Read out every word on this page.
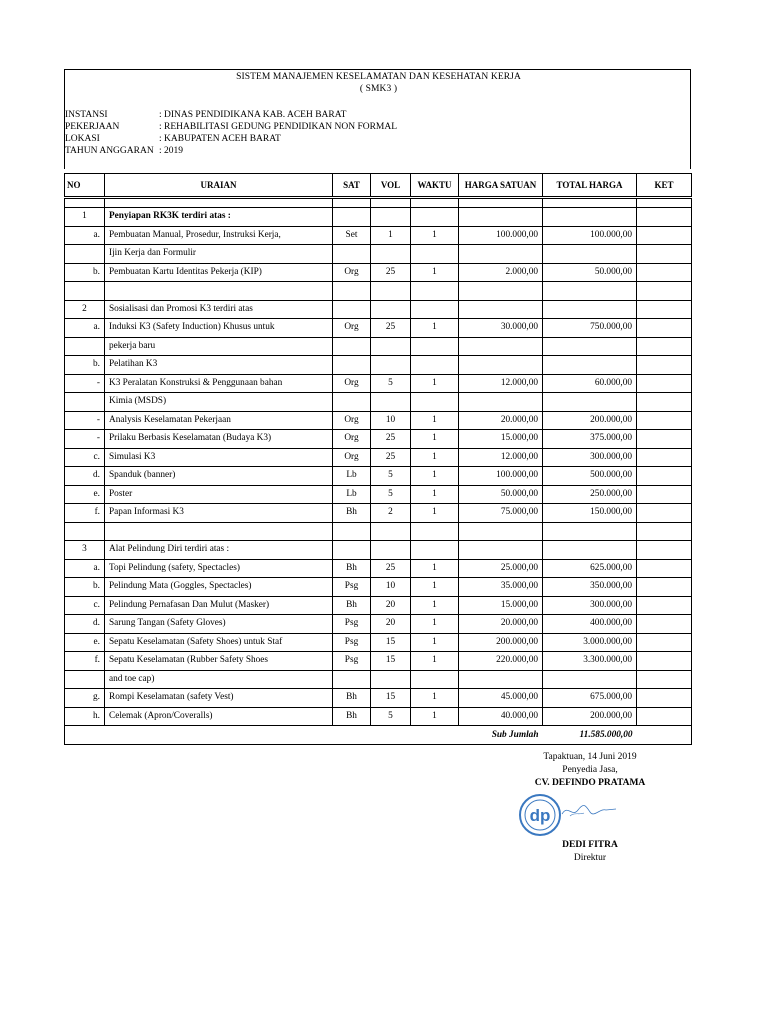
SISTEM MANAJEMEN KESELAMATAN DAN KESEHATAN KERJA
( SMK3 )
INSTANSI	: DINAS PENDIDIKANA KAB. ACEH BARAT
PEKERJAAN	: REHABILITASI GEDUNG PENDIDIKAN NON FORMAL
LOKASI	: KABUPATEN ACEH BARAT
TAHUN ANGGARAN : 2019
NO	URAIAN	SAT	VOL	WAKTU	HARGA SATUAN	TOTAL HARGA	KET

1	Penyiapan RK3K terdiri atas :						
a.	Pembuatan Manual, Prosedur, Instruksi Kerja,	Set	1	1	100.000,00	100.000,00	
	Ijin Kerja dan Formulir						
b.	Pembuatan Kartu Identitas Pekerja (KIP)	Org	25	1	2.000,00	50.000,00	

2	Sosialisasi dan Promosi K3 terdiri atas						
a.	Induksi K3 (Safety Induction) Khusus untuk	Org	25	1	30.000,00	750.000,00	
	pekerja baru						
b.	Pelatihan K3						
-	K3 Peralatan Konstruksi & Penggunaan bahan	Org	5	1	12.000,00	60.000,00	
	Kimia (MSDS)						
-	Analysis Keselamatan Pekerjaan	Org	10	1	20.000,00	200.000,00	
-	Prilaku Berbasis Keselamatan (Budaya K3)	Org	25	1	15.000,00	375.000,00	
c.	Simulasi K3	Org	25	1	12.000,00	300.000,00	
d.	Spanduk (banner)	Lb	5	1	100.000,00	500.000,00	
e.	Poster	Lb	5	1	50.000,00	250.000,00	
f.	Papan Informasi K3	Bh	2	1	75.000,00	150.000,00	

3	Alat Pelindung Diri terdiri atas :						
a.	Topi Pelindung (safety, Spectacles)	Bh	25	1	25.000,00	625.000,00	
b.	Pelindung Mata (Goggles, Spectacles)	Psg	10	1	35.000,00	350.000,00	
c.	Pelindung Pernafasan Dan Mulut (Masker)	Bh	20	1	15.000,00	300.000,00	
d.	Sarung Tangan (Safety Gloves)	Psg	20	1	20.000,00	400.000,00	
e.	Sepatu Keselamatan (Safety Shoes) untuk Staf	Psg	15	1	200.000,00	3.000.000,00	
f.	Sepatu Keselamatan (Rubber Safety Shoes	Psg	15	1	220.000,00	3.300.000,00	
	and toe cap)						
g.	Rompi Keselamatan (safety Vest)	Bh	15	1	45.000,00	675.000,00	
h.	Celemak (Apron/Coveralls)	Bh	5	1	40.000,00	200.000,00	
					Sub Jumlah	11.585.000,00	
Tapaktuan, 14 Juni 2019
Penyedia Jasa,
CV. DEFINDO PRATAMA
dp
DEDI FITRA
Direktur
